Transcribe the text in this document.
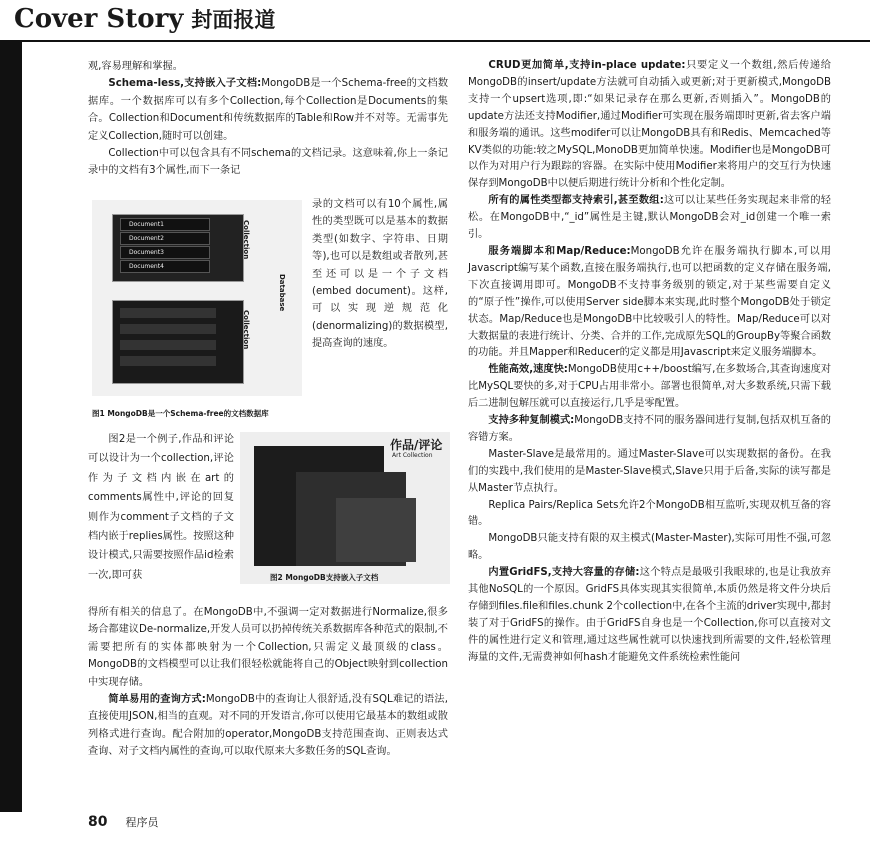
Cover Story 封面报道

观,容易理解和掌握。

Schema-less,支持嵌入子文档:MongoDB是一个Schema-free的文档数据库。一个数据库可以有多个Collection,每个Collection是Documents的集合。Collection和Document和传统数据库的Table和Row并不对等。无需事先定义Collection,随时可以创建。

Collection中可以包含具有不同schema的文档记录。这意味着,你上一条记录中的文档有3个属性,而下一条记

Document1
Document2
Document3
Document4
Collection
Collection
Database

录的文档可以有10个属性,属性的类型既可以是基本的数据类型(如数字、字符串、日期等),也可以是数组或者散列,甚至还可以是一个子文档(embed document)。这样,可以实现逆规范化(denormalizing)的数据模型,提高查询的速度。

图1 MongoDB是一个Schema-free的文档数据库

图2是一个例子,作品和评论可以设计为一个collection,评论作为子文档内嵌在art的comments属性中,评论的回复则作为comment子文档的子文档内嵌于replies属性。按照这种设计模式,只需要按照作品id检索一次,即可获

作品/评论
Art Collection
图2 MongoDB支持嵌入子文档

得所有相关的信息了。在MongoDB中,不强调一定对数据进行Normalize,很多场合都建议De-normalize,开发人员可以扔掉传统关系数据库各种范式的限制,不需要把所有的实体都映射为一个Collection,只需定义最顶级的class。MongoDB的文档模型可以让我们很轻松就能将自己的Object映射到collection中实现存储。

简单易用的查询方式:MongoDB中的查询让人很舒适,没有SQL难记的语法,直接使用JSON,相当的直观。对不同的开发语言,你可以使用它最基本的数组或散列格式进行查询。配合附加的operator,MongoDB支持范围查询、正则表达式查询、对子文档内属性的查询,可以取代原来大多数任务的SQL查询。

CRUD更加简单,支持in-place update:只要定义一个数组,然后传递给MongoDB的insert/update方法就可自动插入或更新;对于更新模式,MongoDB支持一个upsert选项,即:“如果记录存在那么更新,否则插入”。MongoDB的update方法还支持Modifier,通过Modifier可实现在服务端即时更新,省去客户端和服务端的通讯。这些modifer可以让MongoDB具有和Redis、Memcached等KV类似的功能:较之MySQL,MonoDB更加简单快速。Modifier也是MongoDB可以作为对用户行为跟踪的容器。在实际中使用Modifier来将用户的交互行为快速保存到MongoDB中以便后期进行统计分析和个性化定制。

所有的属性类型都支持索引,甚至数组:这可以让某些任务实现起来非常的轻松。在MongoDB中,“_id”属性是主键,默认MongoDB会对_id创建一个唯一索引。

服务端脚本和Map/Reduce:MongoDB允许在服务端执行脚本,可以用Javascript编写某个函数,直接在服务端执行,也可以把函数的定义存储在服务端,下次直接调用即可。MongoDB不支持事务级别的锁定,对于某些需要自定义的“原子性”操作,可以使用Server side脚本来实现,此时整个MongoDB处于锁定状态。Map/Reduce也是MongoDB中比较吸引人的特性。Map/Reduce可以对大数据量的表进行统计、分类、合并的工作,完成原先SQL的GroupBy等聚合函数的功能。并且Mapper和Reducer的定义都是用Javascript来定义服务端脚本。

性能高效,速度快:MongoDB使用c++/boost编写,在多数场合,其查询速度对比MySQL要快的多,对于CPU占用非常小。部署也很简单,对大多数系统,只需下载后二进制包解压就可以直接运行,几乎是零配置。

支持多种复制模式:MongoDB支持不同的服务器间进行复制,包括双机互备的容错方案。

Master-Slave是最常用的。通过Master-Slave可以实现数据的备份。在我们的实践中,我们使用的是Master-Slave模式,Slave只用于后备,实际的读写都是从Master节点执行。

Replica Pairs/Replica Sets允许2个MongoDB相互监听,实现双机互备的容错。

MongoDB只能支持有限的双主模式(Master-Master),实际可用性不强,可忽略。

内置GridFS,支持大容量的存储:这个特点是最吸引我眼球的,也是让我放弃其他NoSQL的一个原因。GridFS具体实现其实很简单,本质仍然是将文件分块后存储到files.file和files.chunk 2个collection中,在各个主流的driver实现中,都封装了对于GridFS的操作。由于GridFS自身也是一个Collection,你可以直接对文件的属性进行定义和管理,通过这些属性就可以快速找到所需要的文件,轻松管理海量的文件,无需费神如何hash才能避免文件系统检索性能问

80 程序员
